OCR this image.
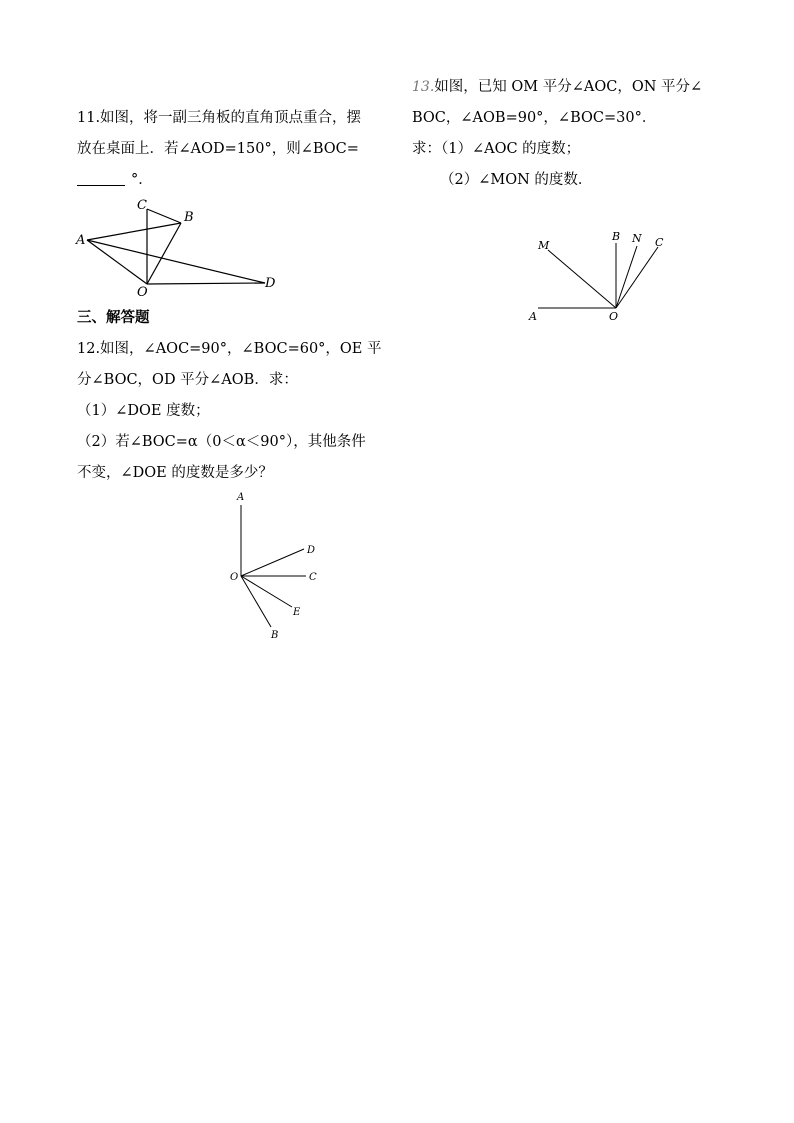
11.如图，将一副三角板的直角顶点重合，摆
放在桌面上．若∠AOD=150°，则∠BOC=
°．
A
C
B
O
D
三、解答题
12.如图，∠AOC=90°，∠BOC=60°，OE 平
分∠BOC，OD 平分∠AOB．求：
（1）∠DOE 度数；
（2）若∠BOC=α（0＜α＜90°），其他条件
不变，∠DOE 的度数是多少？
A
D
C
E
B
O
13.如图，已知 OM 平分∠AOC，ON 平分∠
BOC，∠AOB=90°，∠BOC=30°．
求：（1）∠AOC 的度数；
（2）∠MON 的度数．
A
M
B N C
O
